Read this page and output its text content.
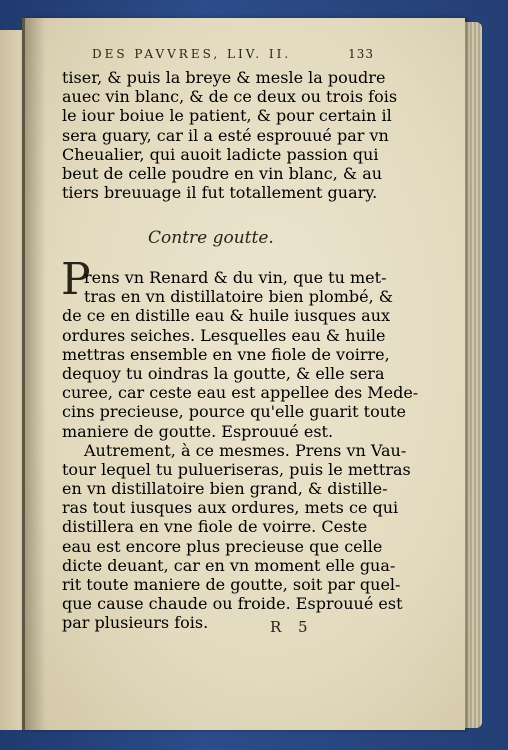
DES PAVVRES, LIV. II.	133
tiser, & puis la breye & mesle la poudre
auec vin blanc, & de ce deux ou trois fois
le iour boiue le patient, & pour certain il
sera guary, car il a esté esprouué par vn
Cheualier, qui auoit ladicte passion qui
beut de celle poudre en vin blanc, & au
tiers breuuage il fut totallement guary.
Contre goutte.
P
rens vn Renard & du vin, que tu met-
tras en vn distillatoire bien plombé, &
de ce en distille eau & huile iusques aux
ordures seiches. Lesquelles eau & huile
mettras ensemble en vne fiole de voirre,
dequoy tu oindras la goutte, & elle sera
curee, car ceste eau est appellee des Mede-
cins precieuse, pource qu'elle guarit toute
maniere de goutte. Esprouué est.
Autrement, à ce mesmes. Prens vn Vau-
tour lequel tu pulueriseras, puis le mettras
en vn distillatoire bien grand, & distille-
ras tout iusques aux ordures, mets ce qui
distillera en vne fiole de voirre. Ceste
eau est encore plus precieuse que celle
dicte deuant, car en vn moment elle gua-
rit toute maniere de goutte, soit par quel-
que cause chaude ou froide. Esprouué est
par plusieurs fois.	R 5
